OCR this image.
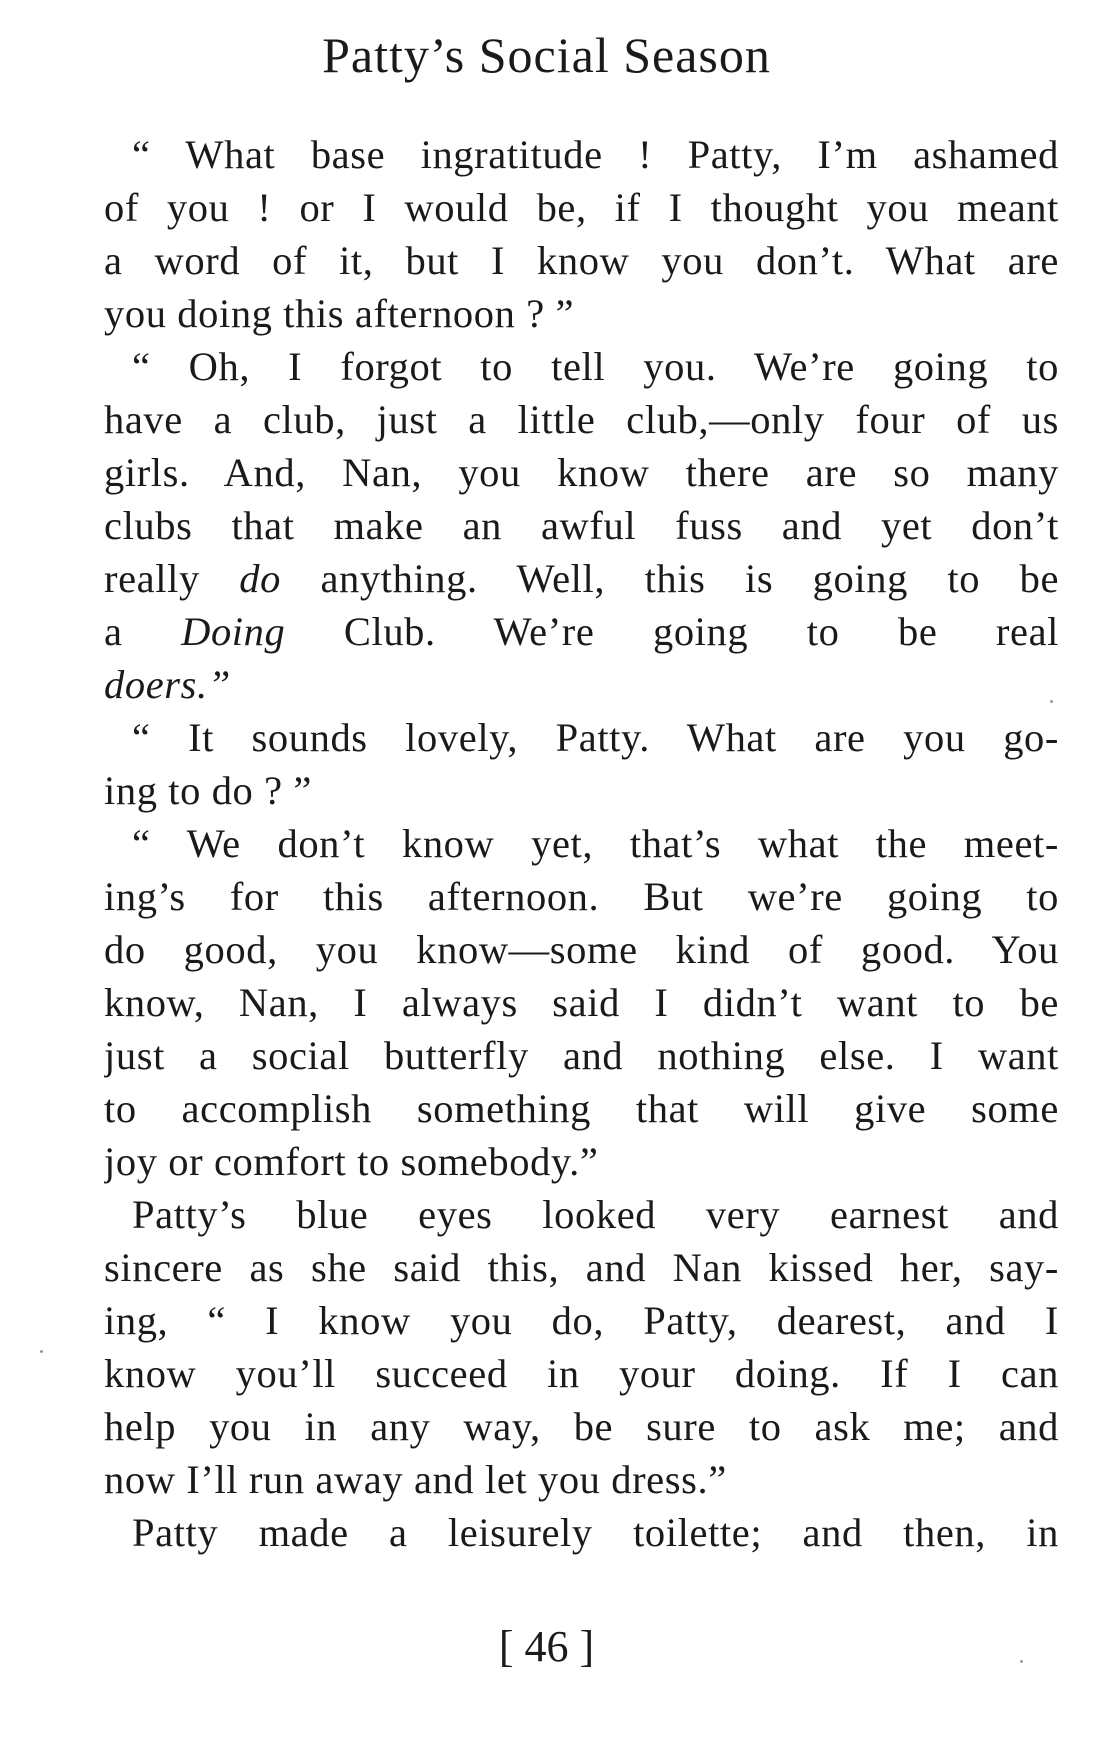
Patty’s Social Season
“ What base ingratitude ! Patty, I’m ashamed
of you ! or I would be, if I thought you meant
a word of it, but I know you don’t. What are
you doing this afternoon ? ”
“ Oh, I forgot to tell you. We’re going to
have a club, just a little club,—only four of us
girls. And, Nan, you know there are so many
clubs that make an awful fuss and yet don’t
really do anything. Well, this is going to be
a Doing Club. We’re going to be real
doers.”
“ It sounds lovely, Patty. What are you go-
ing to do ? ”
“ We don’t know yet, that’s what the meet-
ing’s for this afternoon. But we’re going to
do good, you know—some kind of good. You
know, Nan, I always said I didn’t want to be
just a social butterfly and nothing else. I want
to accomplish something that will give some
joy or comfort to somebody.”
Patty’s blue eyes looked very earnest and
sincere as she said this, and Nan kissed her, say-
ing, “ I know you do, Patty, dearest, and I
know you’ll succeed in your doing. If I can
help you in any way, be sure to ask me; and
now I’ll run away and let you dress.”
Patty made a leisurely toilette; and then, in
[ 46 ]
